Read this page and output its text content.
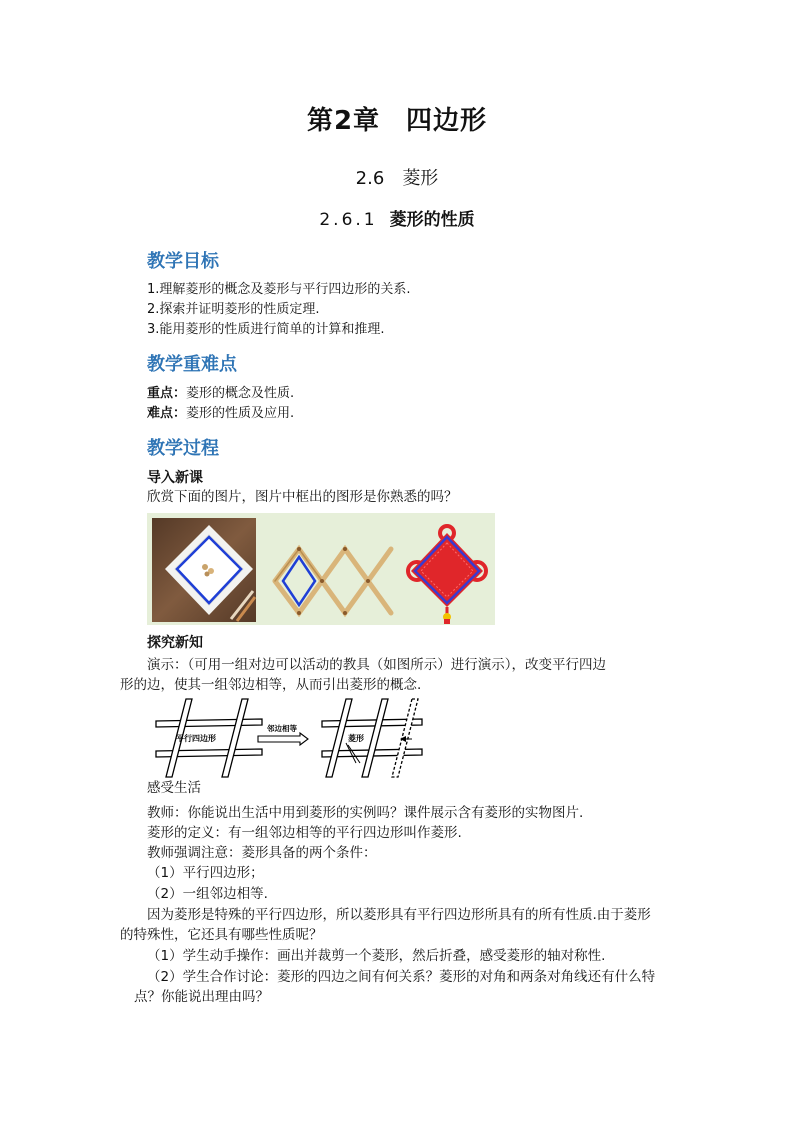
第2章 四边形
2.6 菱形
2.6.1 菱形的性质
教学目标
1.理解菱形的概念及菱形与平行四边形的关系.
2.探索并证明菱形的性质定理.
3.能用菱形的性质进行简单的计算和推理.
教学重难点
重点：菱形的概念及性质.
难点：菱形的性质及应用.
教学过程
导入新课
欣赏下面的图片，图片中框出的图形是你熟悉的吗？
探究新知
演示：（可用一组对边可以活动的教具（如图所示）进行演示），改变平行四边
形的边，使其一组邻边相等，从而引出菱形的概念.
平行四边形
邻边相等
菱形
感受生活
教师：你能说出生活中用到菱形的实例吗？课件展示含有菱形的实物图片.
菱形的定义：有一组邻边相等的平行四边形叫作菱形.
教师强调注意：菱形具备的两个条件：
（1）平行四边形；
（2）一组邻边相等.
因为菱形是特殊的平行四边形，所以菱形具有平行四边形所具有的所有性质.由于菱形
的特殊性，它还具有哪些性质呢？
（1）学生动手操作：画出并裁剪一个菱形，然后折叠，感受菱形的轴对称性.
（2）学生合作讨论：菱形的四边之间有何关系？菱形的对角和两条对角线还有什么特
点？你能说出理由吗？
